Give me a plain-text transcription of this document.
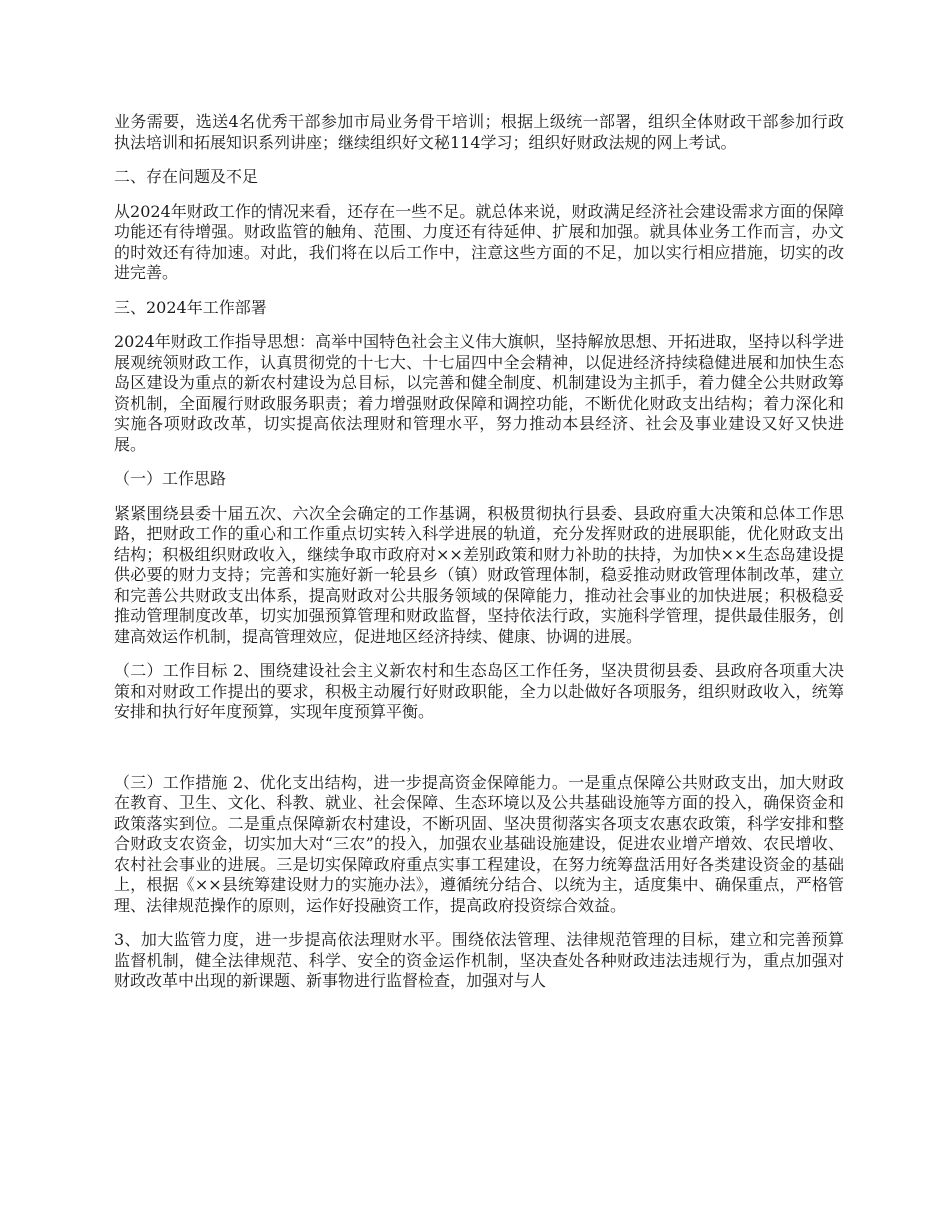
业务需要，选送4名优秀干部参加市局业务骨干培训；根据上级统一部署，组织全体财政干部参加行政执法培训和拓展知识系列讲座；继续组织好文秘114学习；组织好财政法规的网上考试。

二、存在问题及不足

从2024年财政工作的情况来看，还存在一些不足。就总体来说，财政满足经济社会建设需求方面的保障功能还有待增强。财政监管的触角、范围、力度还有待延伸、扩展和加强。就具体业务工作而言，办文的时效还有待加速。对此，我们将在以后工作中，注意这些方面的不足，加以实行相应措施，切实的改进完善。

三、2024年工作部署

2024年财政工作指导思想：高举中国特色社会主义伟大旗帜，坚持解放思想、开拓进取，坚持以科学进展观统领财政工作，认真贯彻党的十七大、十七届四中全会精神，以促进经济持续稳健进展和加快生态岛区建设为重点的新农村建设为总目标，以完善和健全制度、机制建设为主抓手，着力健全公共财政筹资机制，全面履行财政服务职责；着力增强财政保障和调控功能，不断优化财政支出结构；着力深化和实施各项财政改革，切实提高依法理财和管理水平，努力推动本县经济、社会及事业建设又好又快进展。

（一）工作思路

紧紧围绕县委十届五次、六次全会确定的工作基调，积极贯彻执行县委、县政府重大决策和总体工作思路，把财政工作的重心和工作重点切实转入科学进展的轨道，充分发挥财政的进展职能，优化财政支出结构；积极组织财政收入，继续争取市政府对××差别政策和财力补助的扶持，为加快××生态岛建设提供必要的财力支持；完善和实施好新一轮县乡（镇）财政管理体制，稳妥推动财政管理体制改革，建立和完善公共财政支出体系，提高财政对公共服务领域的保障能力，推动社会事业的加快进展；积极稳妥推动管理制度改革，切实加强预算管理和财政监督，坚持依法行政，实施科学管理，提供最佳服务，创建高效运作机制，提高管理效应，促进地区经济持续、健康、协调的进展。

（二）工作目标 2、围绕建设社会主义新农村和生态岛区工作任务，坚决贯彻县委、县政府各项重大决策和对财政工作提出的要求，积极主动履行好财政职能，全力以赴做好各项服务，组织财政收入，统筹安排和执行好年度预算，实现年度预算平衡。

（三）工作措施 2、优化支出结构，进一步提高资金保障能力。一是重点保障公共财政支出，加大财政在教育、卫生、文化、科教、就业、社会保障、生态环境以及公共基础设施等方面的投入，确保资金和政策落实到位。二是重点保障新农村建设，不断巩固、坚决贯彻落实各项支农惠农政策，科学安排和整合财政支农资金，切实加大对“三农”的投入，加强农业基础设施建设，促进农业增产增效、农民增收、农村社会事业的进展。三是切实保障政府重点实事工程建设，在努力统筹盘活用好各类建设资金的基础上，根据《××县统筹建设财力的实施办法》，遵循统分结合、以统为主，适度集中、确保重点，严格管理、法律规范操作的原则，运作好投融资工作，提高政府投资综合效益。

3、加大监管力度，进一步提高依法理财水平。围绕依法管理、法律规范管理的目标，建立和完善预算监督机制，健全法律规范、科学、安全的资金运作机制，坚决查处各种财政违法违规行为，重点加强对财政改革中出现的新课题、新事物进行监督检查，加强对与人
